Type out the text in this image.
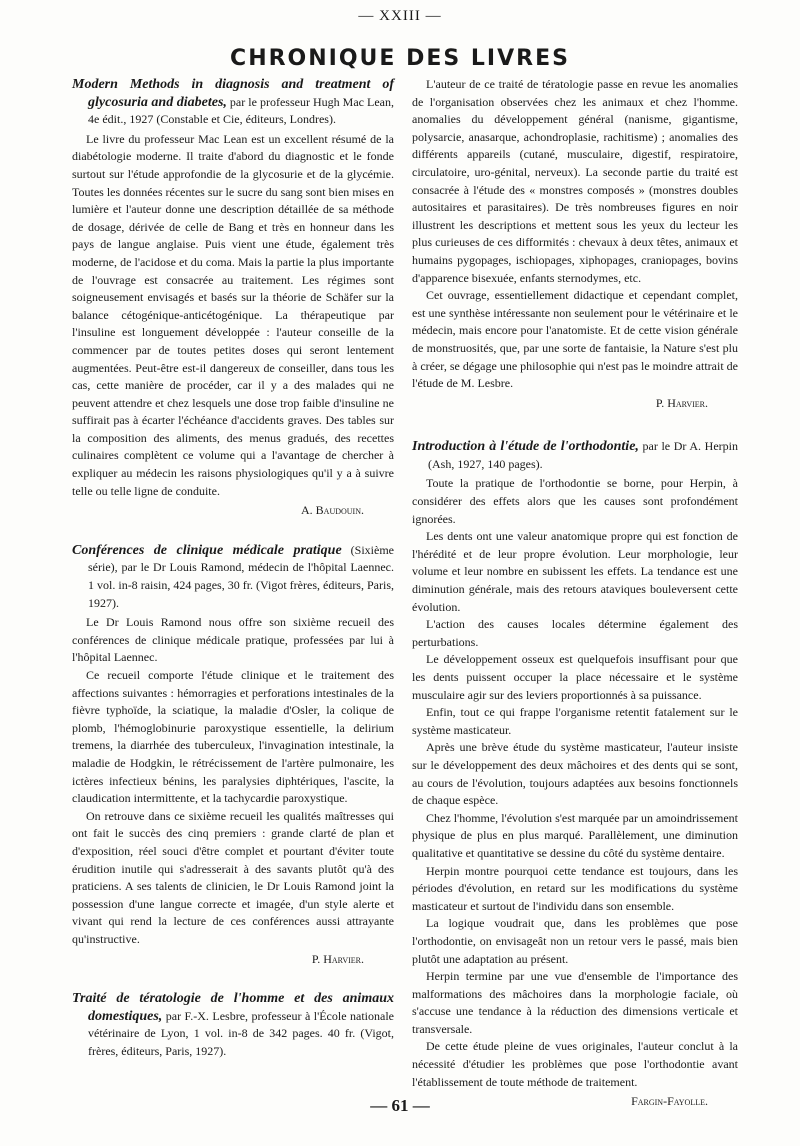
— XXIII —
CHRONIQUE DES LIVRES

Modern Methods in diagnosis and treatment of glycosuria and diabetes, par le professeur Hugh Mac Lean, 4e édit., 1927 (Constable et Cie, éditeurs, Londres).

Le livre du professeur Mac Lean est un excellent résumé de la diabétologie moderne. Il traite d'abord du diagnostic et le fonde surtout sur l'étude approfondie de la glycosurie et de la glycémie. Toutes les données récentes sur le sucre du sang sont bien mises en lumière et l'auteur donne une description détaillée de sa méthode de dosage, dérivée de celle de Bang et très en honneur dans les pays de langue anglaise. Puis vient une étude, également très moderne, de l'acidose et du coma. Mais la partie la plus importante de l'ouvrage est consacrée au traitement. Les régimes sont soigneusement envisagés et basés sur la théorie de Schäfer sur la balance cétogénique-anticétogénique. La thérapeutique par l'insuline est longuement développée : l'auteur conseille de la commencer par de toutes petites doses qui seront lentement augmentées. Peut-être est-il dangereux de conseiller, dans tous les cas, cette manière de procéder, car il y a des malades qui ne peuvent attendre et chez lesquels une dose trop faible d'insuline ne suffirait pas à écarter l'échéance d'accidents graves. Des tables sur la composition des aliments, des menus gradués, des recettes culinaires complètent ce volume qui a l'avantage de chercher à expliquer au médecin les raisons physiologiques qu'il y a à suivre telle ou telle ligne de conduite.

A. Baudouin.

Conférences de clinique médicale pratique (Sixième série), par le Dr Louis Ramond, médecin de l'hôpital Laennec. 1 vol. in-8 raisin, 424 pages, 30 fr. (Vigot frères, éditeurs, Paris, 1927).

Le Dr Louis Ramond nous offre son sixième recueil des conférences de clinique médicale pratique, professées par lui à l'hôpital Laennec.

Ce recueil comporte l'étude clinique et le traitement des affections suivantes : hémorragies et perforations intestinales de la fièvre typhoïde, la sciatique, la maladie d'Osler, la colique de plomb, l'hémoglobinurie paroxystique essentielle, la delirium tremens, la diarrhée des tuberculeux, l'invagination intestinale, la maladie de Hodgkin, le rétrécissement de l'artère pulmonaire, les ictères infectieux bénins, les paralysies diphtériques, l'ascite, la claudication intermittente, et la tachycardie paroxystique.

On retrouve dans ce sixième recueil les qualités maîtresses qui ont fait le succès des cinq premiers : grande clarté de plan et d'exposition, réel souci d'être complet et pourtant d'éviter toute érudition inutile qui s'adresserait à des savants plutôt qu'à des praticiens. A ses talents de clinicien, le Dr Louis Ramond joint la possession d'une langue correcte et imagée, d'un style alerte et vivant qui rend la lecture de ces conférences aussi attrayante qu'instructive.

P. Harvier.

Traité de tératologie de l'homme et des animaux domestiques, par F.-X. Lesbre, professeur à l'École nationale vétérinaire de Lyon, 1 vol. in-8 de 342 pages. 40 fr. (Vigot, frères, éditeurs, Paris, 1927).

L'auteur de ce traité de tératologie passe en revue les anomalies de l'organisation observées chez les animaux et chez l'homme. anomalies du développement général (nanisme, gigantisme, polysarcie, anasarque, achondroplasie, rachitisme) ; anomalies des différents appareils (cutané, musculaire, digestif, respiratoire, circulatoire, uro-génital, nerveux). La seconde partie du traité est consacrée à l'étude des « monstres composés » (monstres doubles autositaires et parasitaires). De très nombreuses figures en noir illustrent les descriptions et mettent sous les yeux du lecteur les plus curieuses de ces difformités : chevaux à deux têtes, animaux et humains pygopages, ischiopages, xiphopages, craniopages, bovins d'apparence bisexuée, enfants sternodymes, etc.

Cet ouvrage, essentiellement didactique et cependant complet, est une synthèse intéressante non seulement pour le vétérinaire et le médecin, mais encore pour l'anatomiste. Et de cette vision générale de monstruosités, que, par une sorte de fantaisie, la Nature s'est plu à créer, se dégage une philosophie qui n'est pas le moindre attrait de l'étude de M. Lesbre.

P. Harvier.

Introduction à l'étude de l'orthodontie, par le Dr A. Herpin (Ash, 1927, 140 pages).

Toute la pratique de l'orthodontie se borne, pour Herpin, à considérer des effets alors que les causes sont profondément ignorées.

Les dents ont une valeur anatomique propre qui est fonction de l'hérédité et de leur propre évolution. Leur morphologie, leur volume et leur nombre en subissent les effets. La tendance est une diminution générale, mais des retours ataviques bouleversent cette évolution.

L'action des causes locales détermine également des perturbations.

Le développement osseux est quelquefois insuffisant pour que les dents puissent occuper la place nécessaire et le système musculaire agir sur des leviers proportionnés à sa puissance.

Enfin, tout ce qui frappe l'organisme retentit fatalement sur le système masticateur.

Après une brève étude du système masticateur, l'auteur insiste sur le développement des deux mâchoires et des dents qui se sont, au cours de l'évolution, toujours adaptées aux besoins fonctionnels de chaque espèce.

Chez l'homme, l'évolution s'est marquée par un amoindrissement physique de plus en plus marqué. Parallèlement, une diminution qualitative et quantitative se dessine du côté du système dentaire.

Herpin montre pourquoi cette tendance est toujours, dans les périodes d'évolution, en retard sur les modifications du système masticateur et surtout de l'individu dans son ensemble.

La logique voudrait que, dans les problèmes que pose l'orthodontie, on envisageât non un retour vers le passé, mais bien plutôt une adaptation au présent.

Herpin termine par une vue d'ensemble de l'importance des malformations des mâchoires dans la morphologie faciale, où s'accuse une tendance à la réduction des dimensions verticale et transversale.

De cette étude pleine de vues originales, l'auteur conclut à la nécessité d'étudier les problèmes que pose l'orthodontie avant l'établissement de toute méthode de traitement.

Fargin-Fayolle.

— 61 —
